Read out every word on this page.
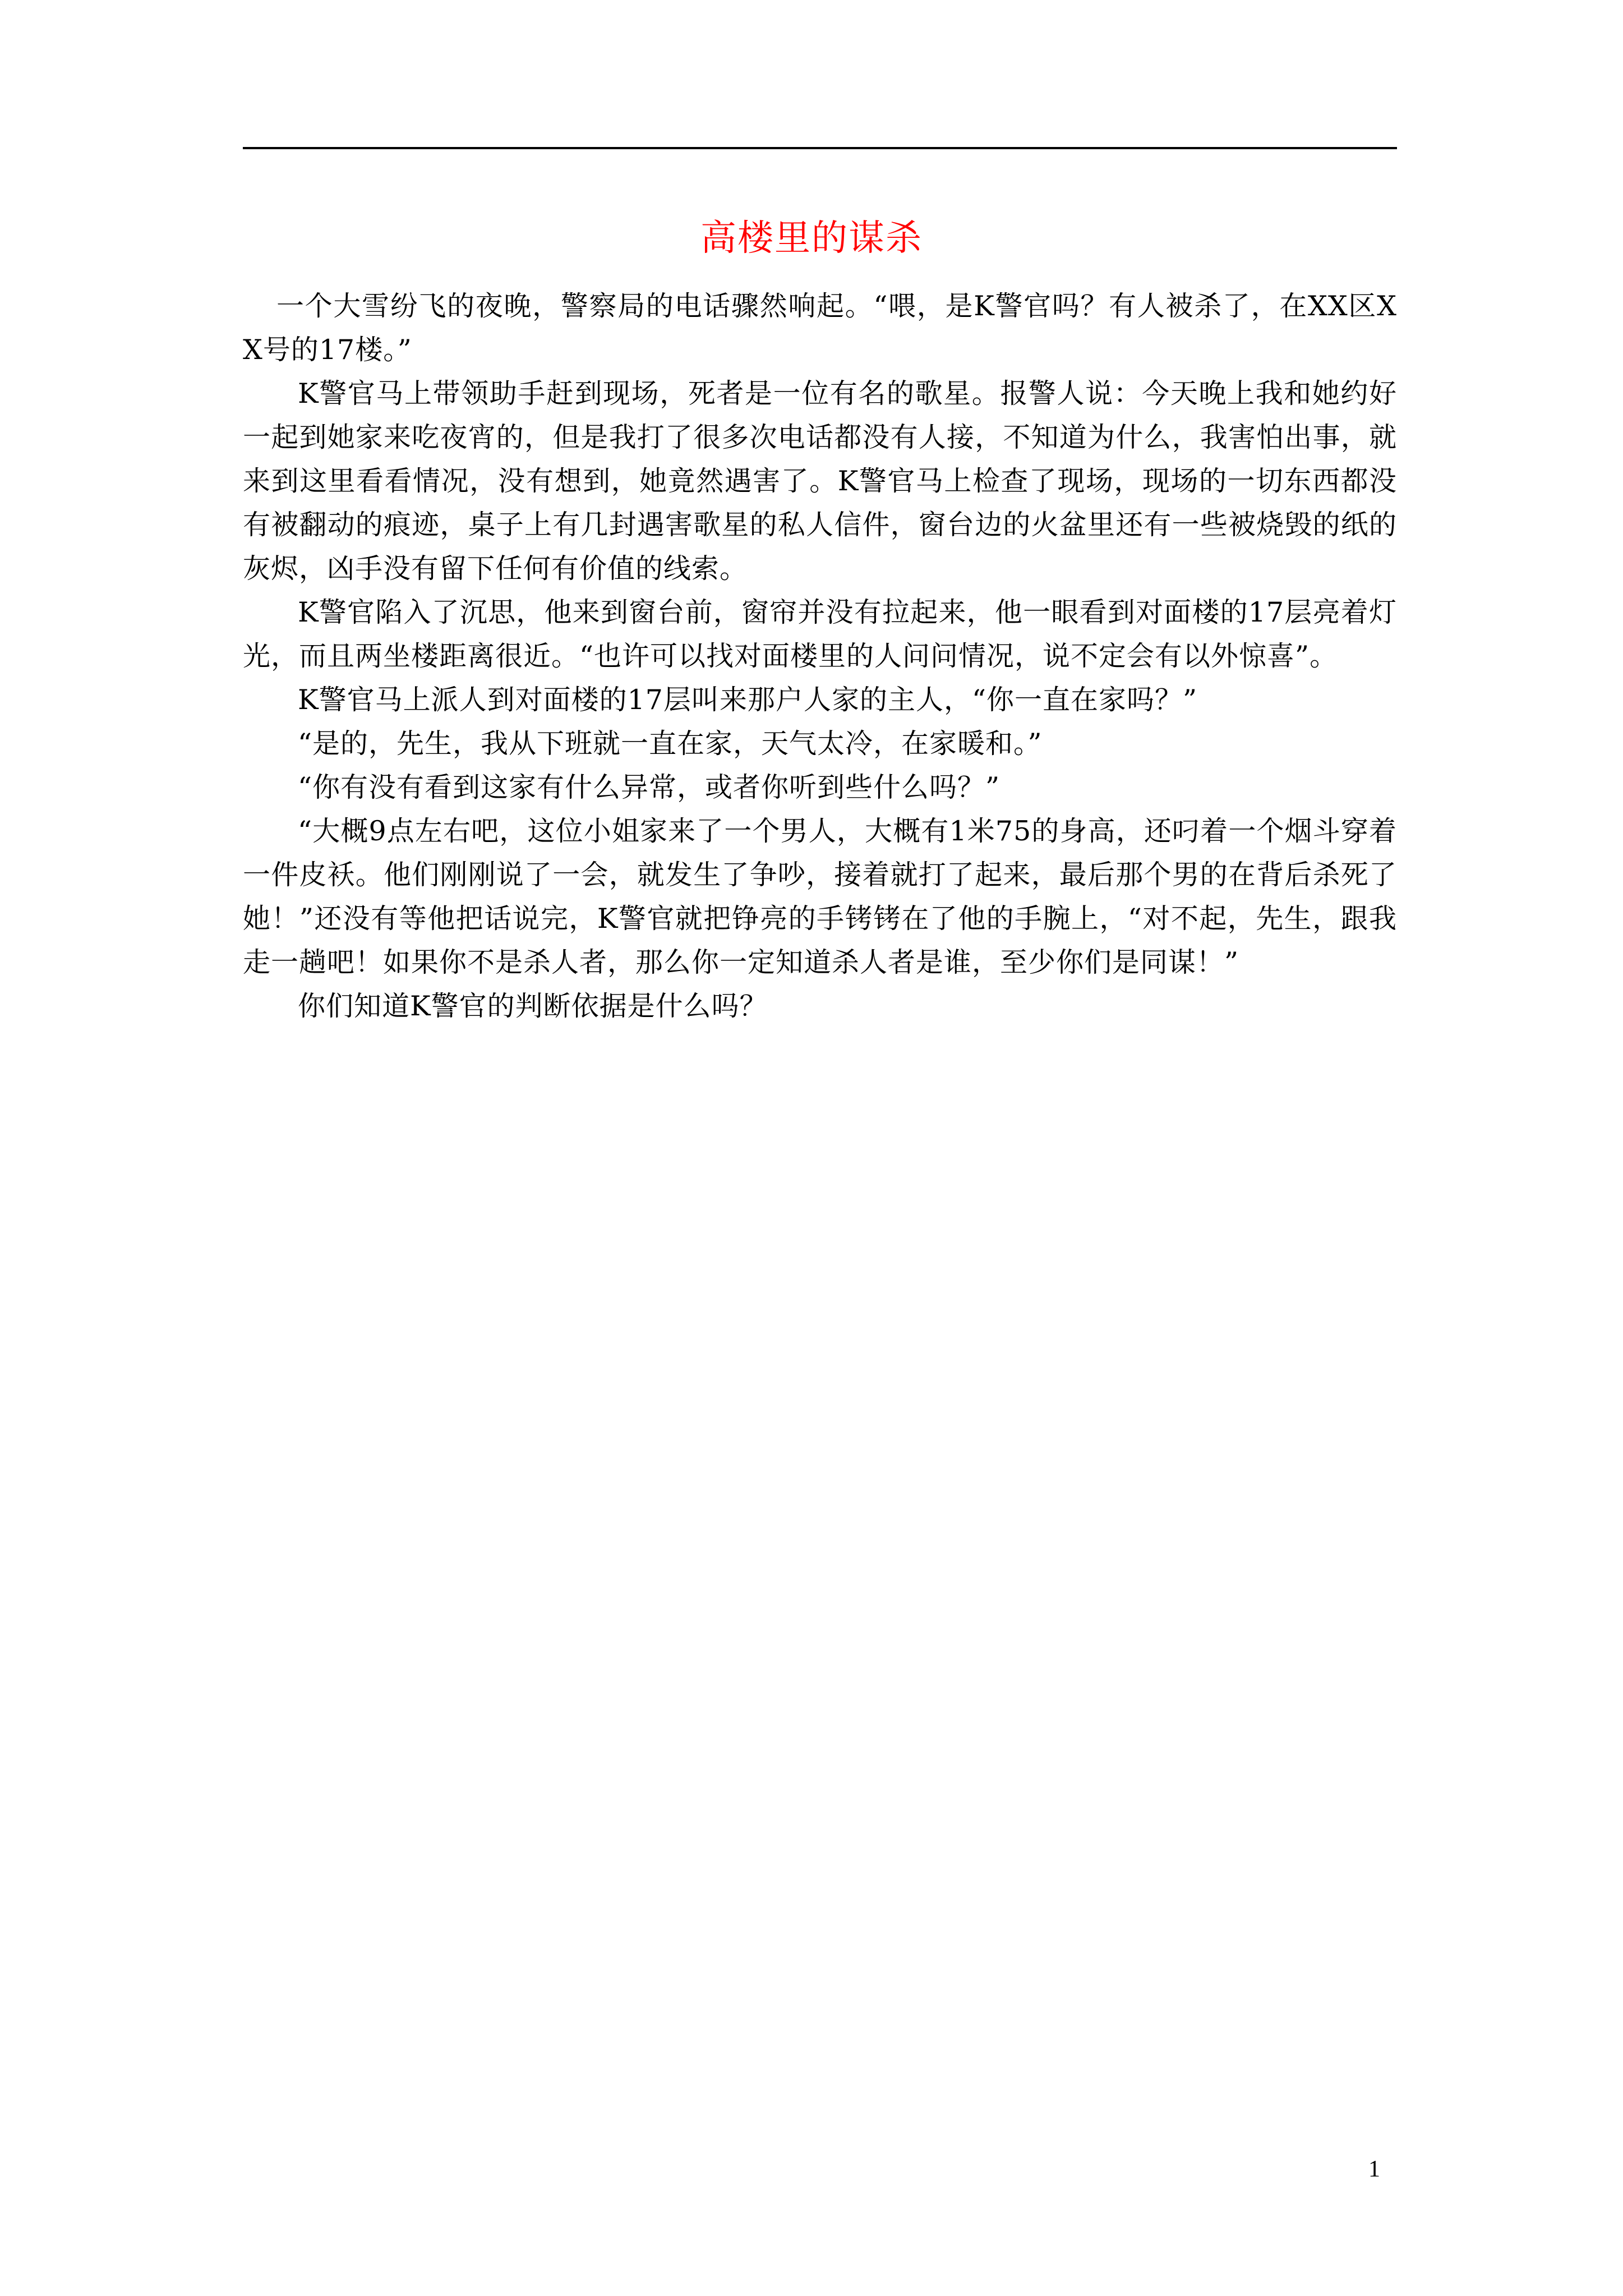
高楼里的谋杀

一个大雪纷飞的夜晚，警察局的电话骤然响起。“喂，是K警官吗？有人被杀了，在XX区XX号的17楼。”

K警官马上带领助手赶到现场，死者是一位有名的歌星。报警人说：今天晚上我和她约好一起到她家来吃夜宵的，但是我打了很多次电话都没有人接，不知道为什么，我害怕出事，就来到这里看看情况，没有想到，她竟然遇害了。K警官马上检查了现场，现场的一切东西都没有被翻动的痕迹，桌子上有几封遇害歌星的私人信件，窗台边的火盆里还有一些被烧毁的纸的灰烬，凶手没有留下任何有价值的线索。

K警官陷入了沉思，他来到窗台前，窗帘并没有拉起来，他一眼看到对面楼的17层亮着灯光，而且两坐楼距离很近。“也许可以找对面楼里的人问问情况，说不定会有以外惊喜”。

K警官马上派人到对面楼的17层叫来那户人家的主人，“你一直在家吗？”

“是的，先生，我从下班就一直在家，天气太冷，在家暖和。”

“你有没有看到这家有什么异常，或者你听到些什么吗？”

“大概9点左右吧，这位小姐家来了一个男人，大概有1米75的身高，还叼着一个烟斗穿着一件皮袄。他们刚刚说了一会，就发生了争吵，接着就打了起来，最后那个男的在背后杀死了她！”还没有等他把话说完，K警官就把铮亮的手铐铐在了他的手腕上，“对不起，先生，跟我走一趟吧！如果你不是杀人者，那么你一定知道杀人者是谁，至少你们是同谋！”

你们知道K警官的判断依据是什么吗？

1
